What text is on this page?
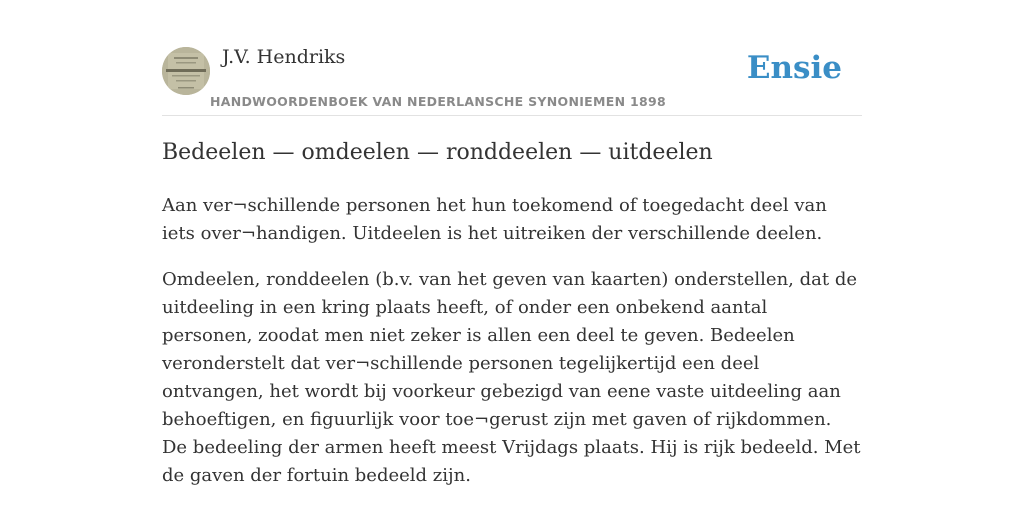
J.V. Hendriks
HANDWOORDENBOEK VAN NEDERLANSCHE SYNONIEMEN 1898
Ensie
Bedeelen — omdeelen — ronddeelen — uitdeelen

Aan ver¬schillende personen het hun toekomend of toegedacht deel van iets over¬handigen. Uitdeelen is het uitreiken der verschillende deelen.

Omdeelen, ronddeelen (b.v. van het geven van kaarten) onderstellen, dat de uitdeeling in een kring plaats heeft, of onder een onbekend aantal personen, zoodat men niet zeker is allen een deel te geven. Bedeelen veronderstelt dat ver¬schillende personen tegelijkertijd een deel ontvangen, het wordt bij voorkeur gebezigd van eene vaste uitdeeling aan behoeftigen, en figuurlijk voor toe¬gerust zijn met gaven of rijkdommen. De bedeeling der armen heeft meest Vrijdags plaats. Hij is rijk bedeeld. Met de gaven der fortuin bedeeld zijn.
